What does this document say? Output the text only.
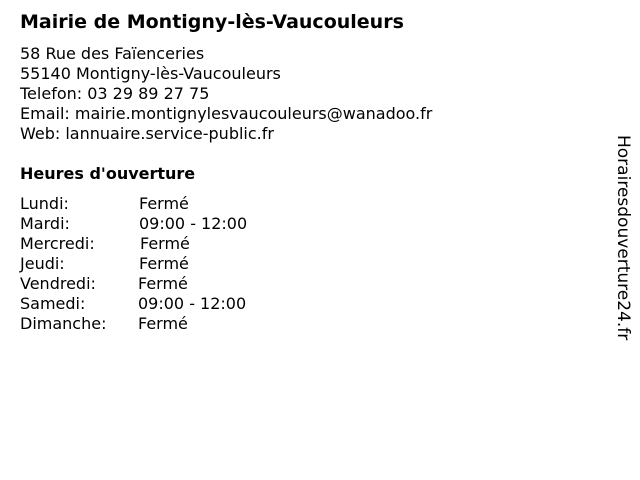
Mairie de Montigny-lès-Vaucouleurs
58 Rue des Faïenceries
55140 Montigny-lès-Vaucouleurs
Telefon: 03 29 89 27 75
Email: mairie.montignylesvaucouleurs@wanadoo.fr
Web: lannuaire.service-public.fr
Heures d'ouverture
Lundi:	Fermé
Mardi:	09:00 - 12:00
Mercredi:	Fermé
Jeudi:	Fermé
Vendredi:	Fermé
Samedi:	09:00 - 12:00
Dimanche: Fermé	Horairesdouverture24.fr
